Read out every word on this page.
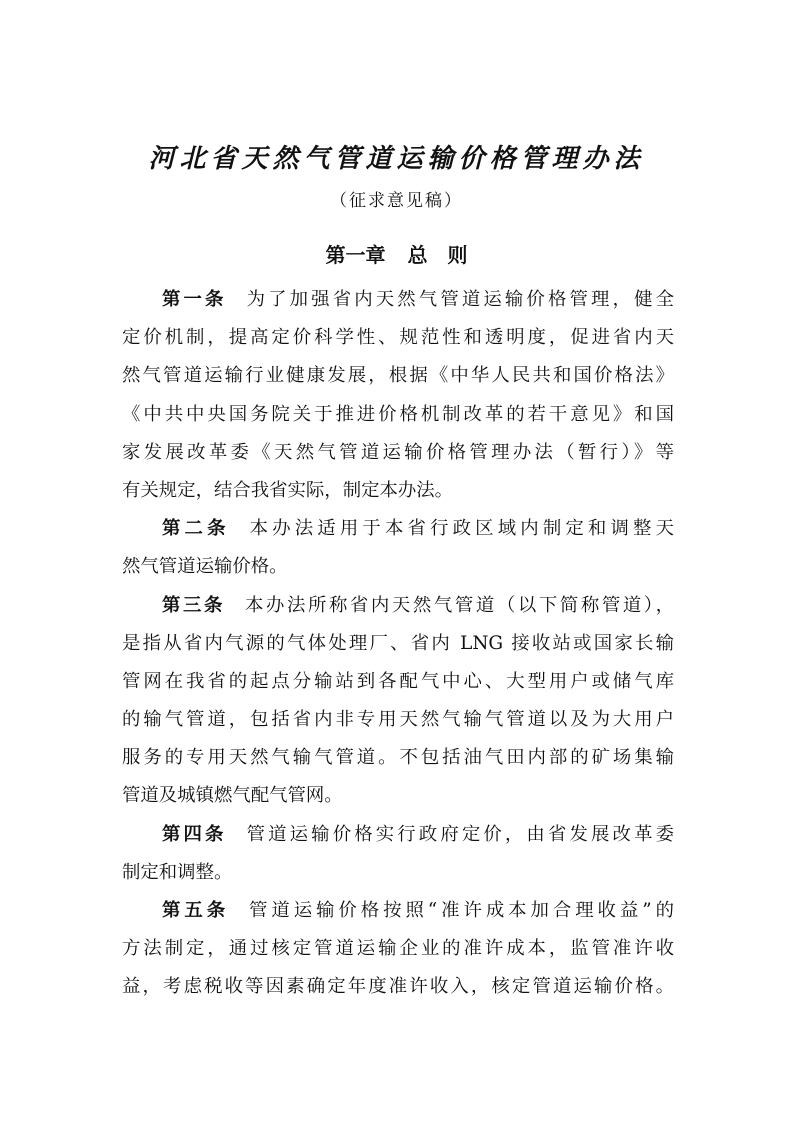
河北省天然气管道运输价格管理办法
（征求意见稿）
第一章 总　则
第一条 为了加强省内天然气管道运输价格管理，健全
定价机制，提高定价科学性、规范性和透明度，促进省内天
然气管道运输行业健康发展，根据《中华人民共和国价格法》
《中共中央国务院关于推进价格机制改革的若干意见》和国
家发展改革委《天然气管道运输价格管理办法（暂行）》等
有关规定，结合我省实际，制定本办法。
第二条 本办法适用于本省行政区域内制定和调整天
然气管道运输价格。
第三条 本办法所称省内天然气管道（以下简称管道），
是指从省内气源的气体处理厂、省内 LNG 接收站或国家长输
管网在我省的起点分输站到各配气中心、大型用户或储气库
的输气管道，包括省内非专用天然气输气管道以及为大用户
服务的专用天然气输气管道。不包括油气田内部的矿场集输
管道及城镇燃气配气管网。
第四条 管道运输价格实行政府定价，由省发展改革委
制定和调整。
第五条 管道运输价格按照“准许成本加合理收益”的
方法制定，通过核定管道运输企业的准许成本，监管准许收
益，考虑税收等因素确定年度准许收入，核定管道运输价格。
